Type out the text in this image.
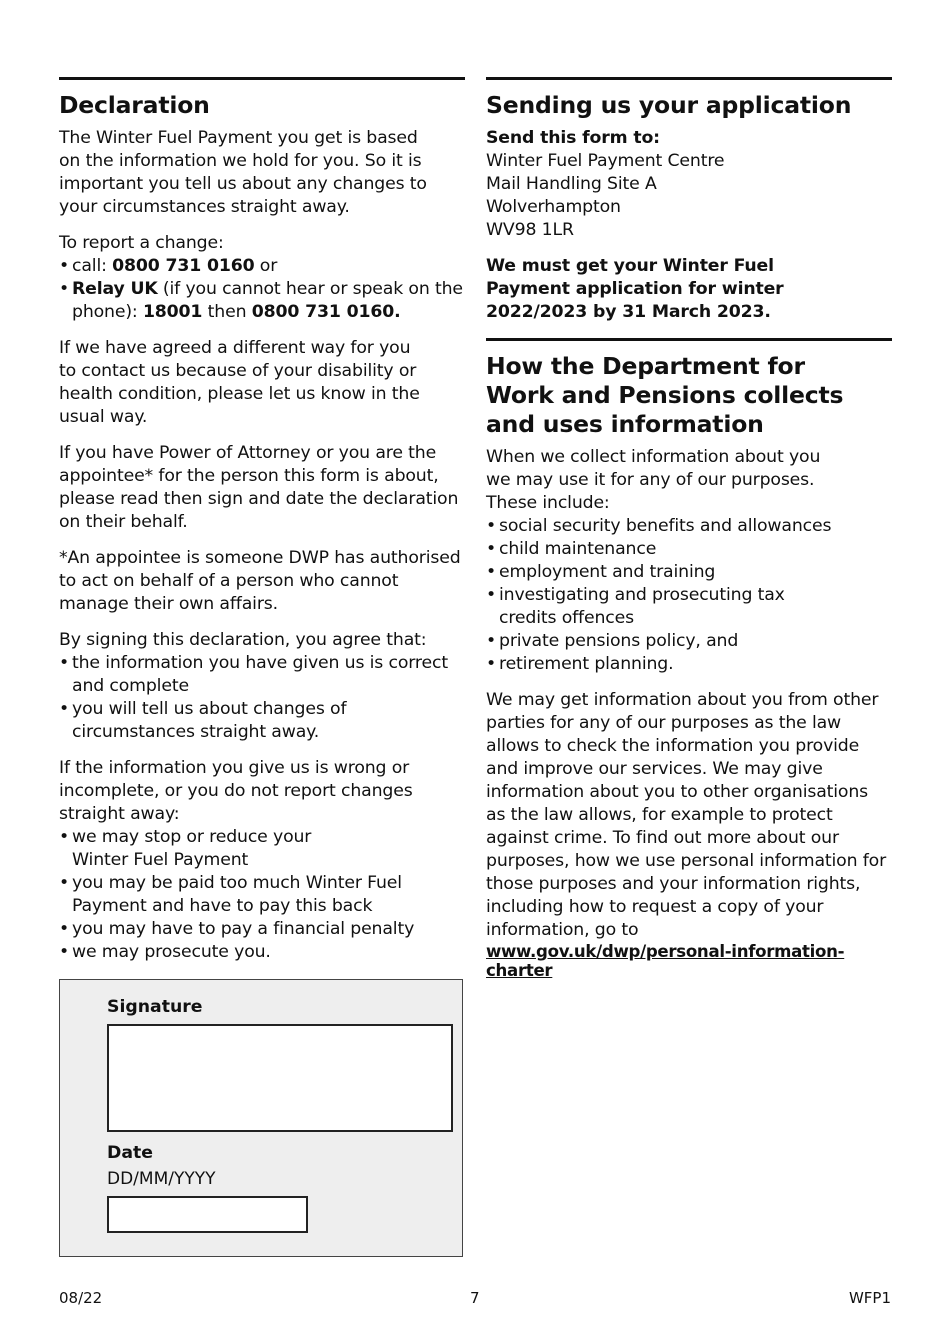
Declaration

The Winter Fuel Payment you get is based on the information we hold for you. So it is important you tell us about any changes to your circumstances straight away.

To report a change:

• call: 0800 731 0160 or
• Relay UK (if you cannot hear or speak on the phone): 18001 then 0800 731 0160.

If we have agreed a different way for you to contact us because of your disability or health condition, please let us know in the usual way.

If you have Power of Attorney or you are the appointee* for the person this form is about, please read then sign and date the declaration on their behalf.

*An appointee is someone DWP has authorised to act on behalf of a person who cannot manage their own affairs.

By signing this declaration, you agree that:

• the information you have given us is correct and complete
• you will tell us about changes of circumstances straight away.

If the information you give us is wrong or incomplete, or you do not report changes straight away:

• we may stop or reduce your Winter Fuel Payment
• you may be paid too much Winter Fuel Payment and have to pay this back
• you may have to pay a financial penalty
• we may prosecute you.
Signature
Date
DD/MM/YYYY
Sending us your application

Send this form to:

Winter Fuel Payment Centre

Mail Handling Site A

Wolverhampton

WV98 1LR

We must get your Winter Fuel Payment application for winter 2022/2023 by 31 March 2023.

How the Department for Work and Pensions collects and uses information

When we collect information about you we may use it for any of our purposes. These include:

• social security benefits and allowances
• child maintenance
• employment and training
• investigating and prosecuting tax credits offences
• private pensions policy, and
• retirement planning.

We may get information about you from other parties for any of our purposes as the law allows to check the information you provide and improve our services. We may give information about you to other organisations as the law allows, for example to protect against crime. To find out more about our purposes, how we use personal information for those purposes and your information rights, including how to request a copy of your information, go to

www.gov.uk/dwp/personal-information-charter
08/22	7	WFP1
